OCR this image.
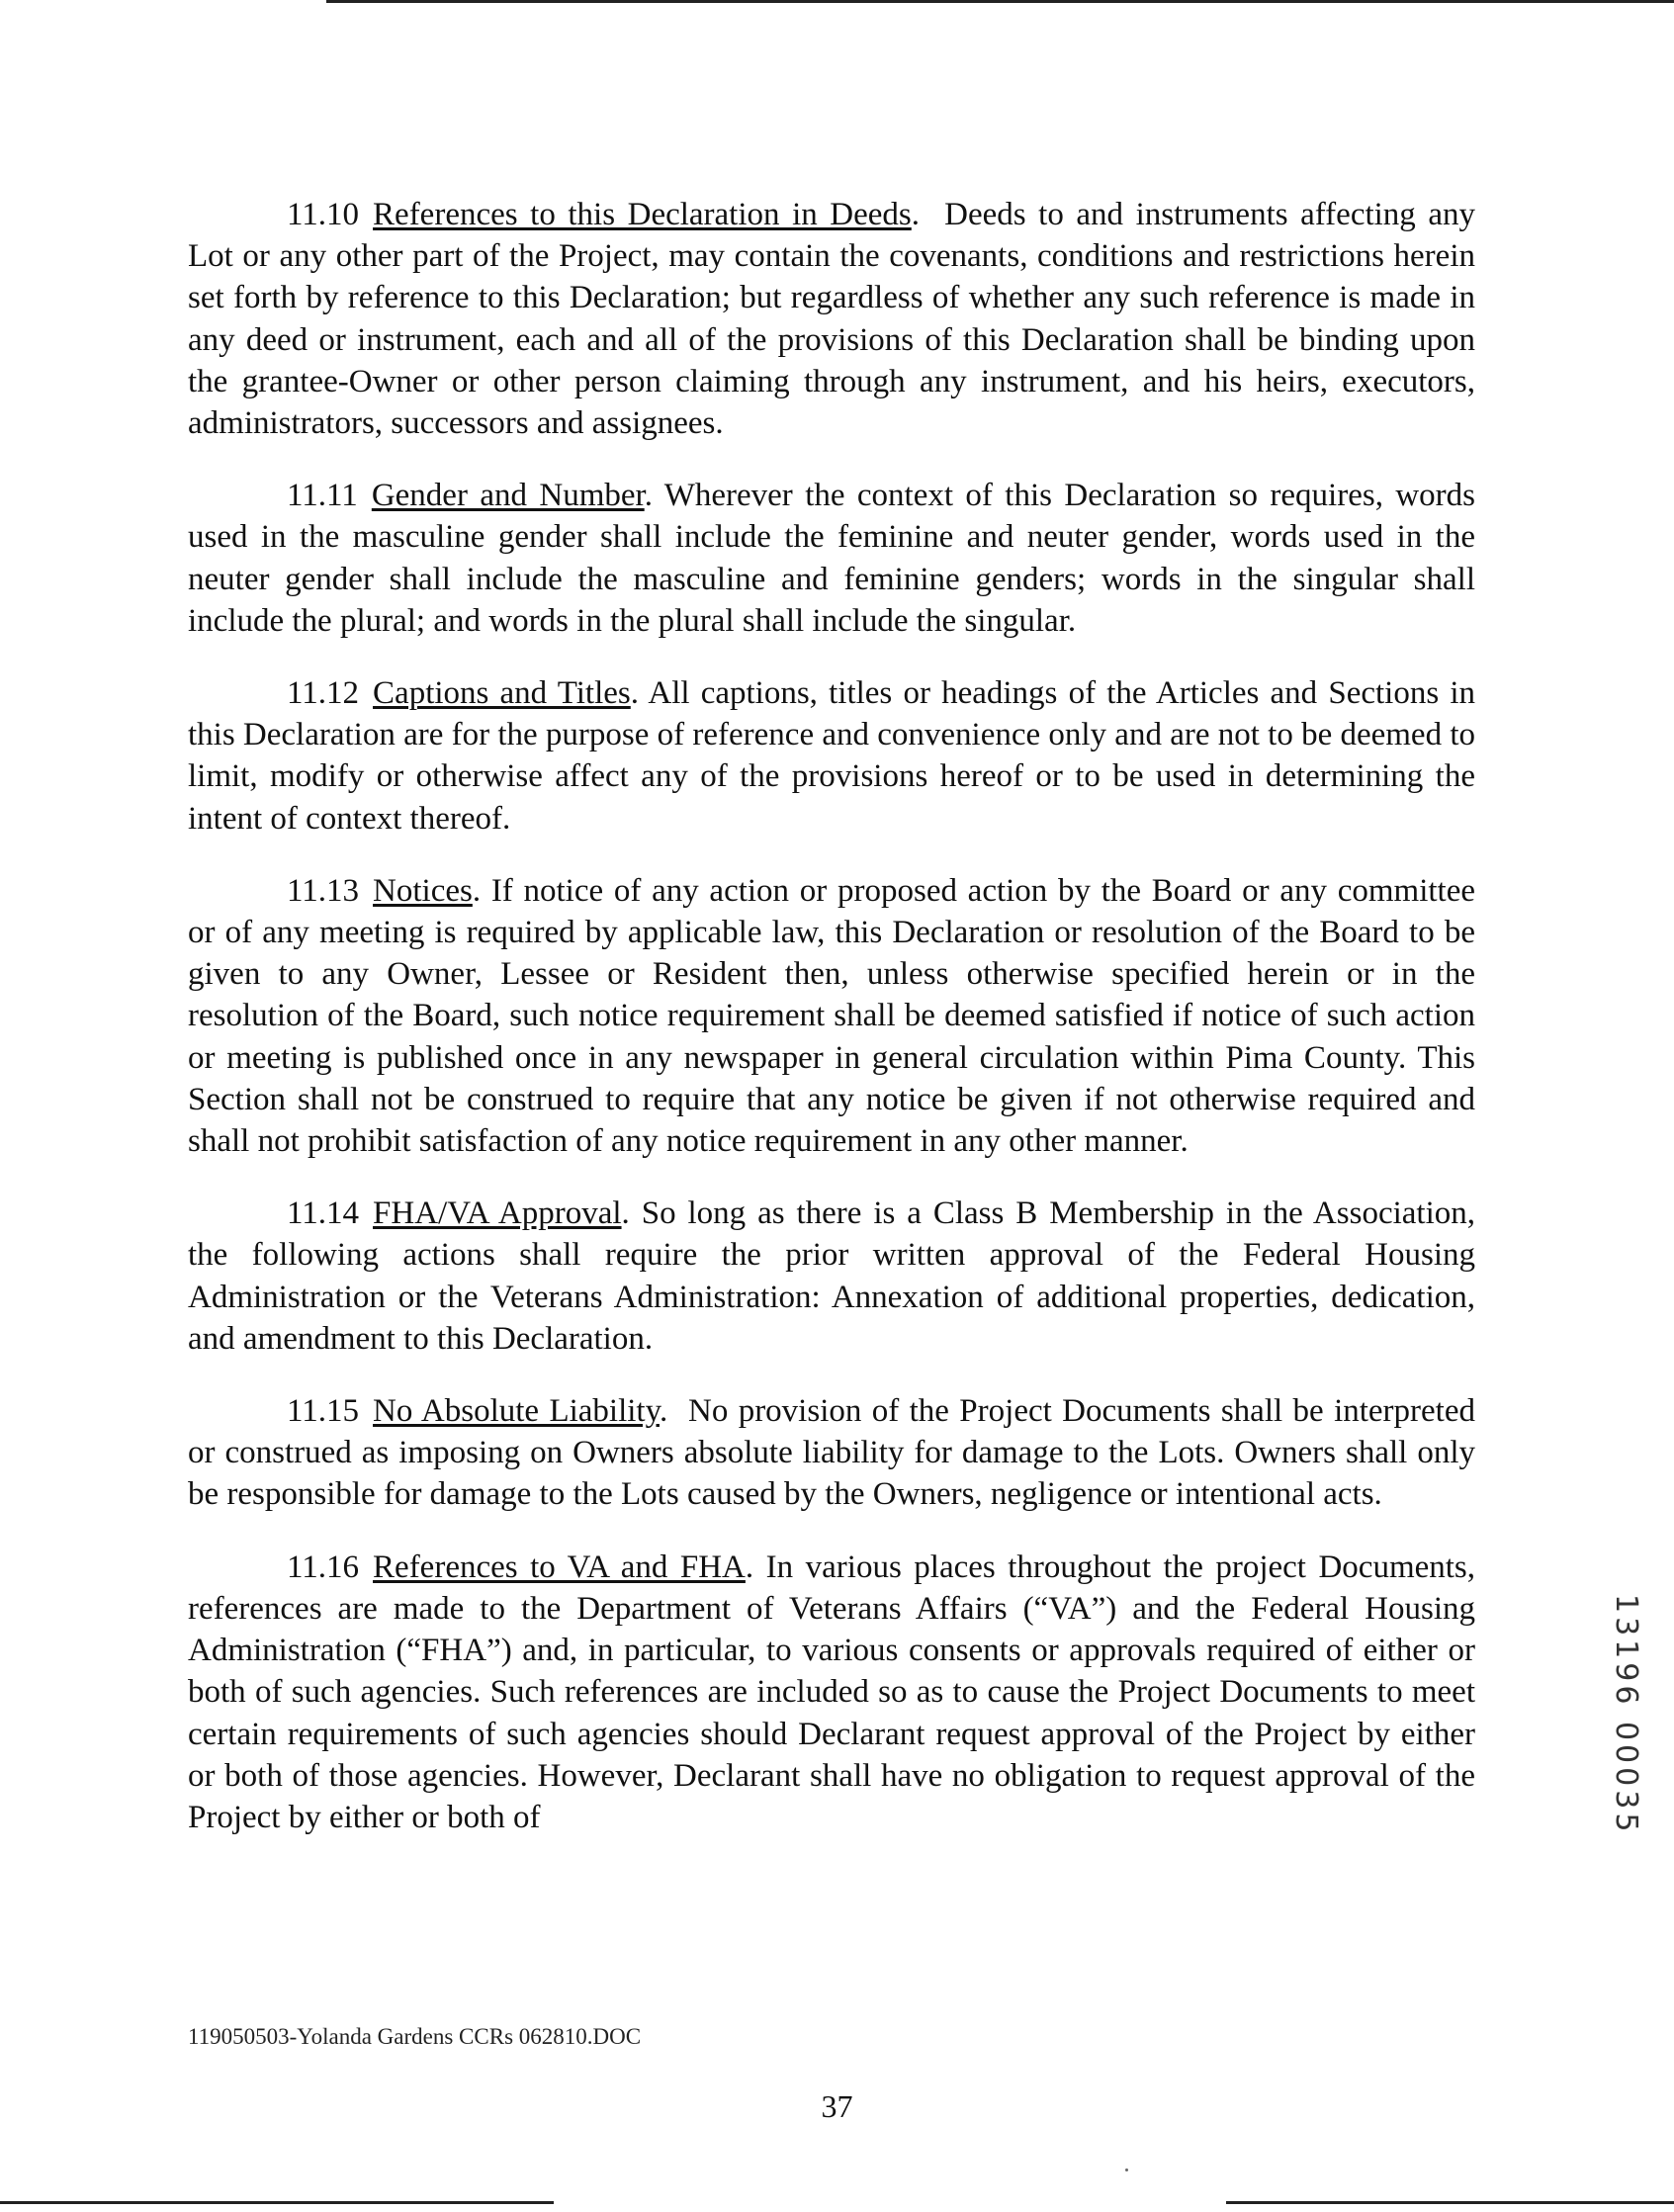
11.10 References to this Declaration in Deeds.  Deeds to and instruments affecting any Lot or any other part of the Project, may contain the covenants, conditions and restrictions herein set forth by reference to this Declaration; but regardless of whether any such reference is made in any deed or instrument, each and all of the provisions of this Declaration shall be binding upon the grantee-Owner or other person claiming through any instrument, and his heirs, executors, administrators, successors and assignees.

11.11 Gender and Number. Wherever the context of this Declaration so requires, words used in the masculine gender shall include the feminine and neuter gender, words used in the neuter gender shall include the masculine and feminine genders; words in the singular shall include the plural; and words in the plural shall include the singular.

11.12 Captions and Titles. All captions, titles or headings of the Articles and Sections in this Declaration are for the purpose of reference and convenience only and are not to be deemed to limit, modify or otherwise affect any of the provisions hereof or to be used in determining the intent of context thereof.

11.13 Notices. If notice of any action or proposed action by the Board or any committee or of any meeting is required by applicable law, this Declaration or resolution of the Board to be given to any Owner, Lessee or Resident then, unless otherwise specified herein or in the resolution of the Board, such notice requirement shall be deemed satisfied if notice of such action or meeting is published once in any newspaper in general circulation within Pima County. This Section shall not be construed to require that any notice be given if not otherwise required and shall not prohibit satisfaction of any notice requirement in any other manner.

11.14 FHA/VA Approval. So long as there is a Class B Membership in the Association, the following actions shall require the prior written approval of the Federal Housing Administration or the Veterans Administration: Annexation of additional properties, dedication, and amendment to this Declaration.

11.15 No Absolute Liability.  No provision of the Project Documents shall be interpreted or construed as imposing on Owners absolute liability for damage to the Lots. Owners shall only be responsible for damage to the Lots caused by the Owners, negligence or intentional acts.

11.16 References to VA and FHA. In various places throughout the project Documents, references are made to the Department of Veterans Affairs (“VA”) and the Federal Housing Administration (“FHA”) and, in particular, to various consents or approvals required of either or both of such agencies. Such references are included so as to cause the Project Documents to meet certain requirements of such agencies should Declarant request approval of the Project by either or both of those agencies. However, Declarant shall have no obligation to request approval of the Project by either or both of	13196 00035
119050503-Yolanda Gardens CCRs 062810.DOC
37
